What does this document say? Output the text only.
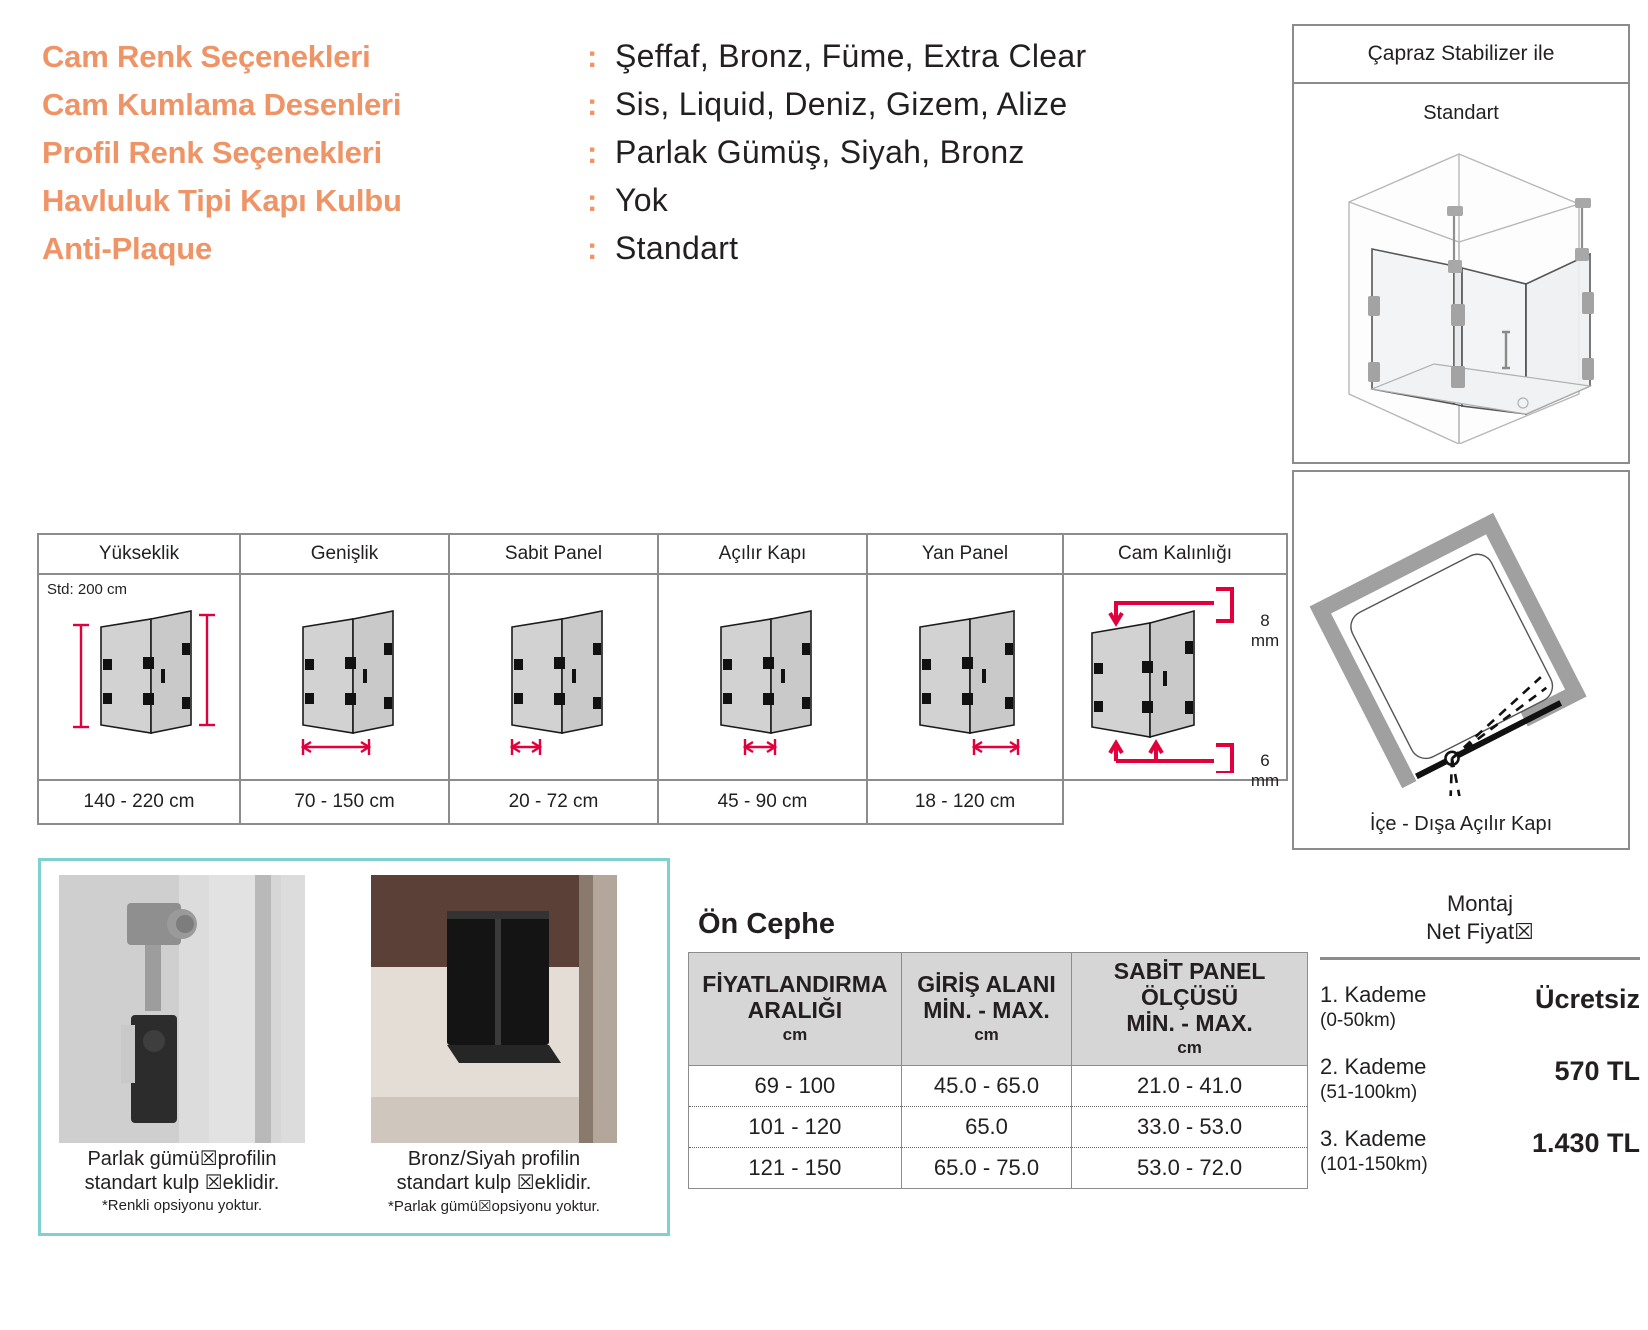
Cam Renk Seçenekleri	: Şeffaf, Bronz, Füme, Extra Clear
Cam Kumlama Desenleri	: Sis, Liquid, Deniz, Gizem, Alize
Profil Renk Seçenekleri	: Parlak Gümüş, Siyah, Bronz
Havluluk Tipi Kapı Kulbu	: Yok
Anti-Plaque	: Standart
Çapraz Stabilizer ile
Standart
İçe - Dışa Açılır Kapı
Yükseklik	Genişlik	Sabit Panel	Açılır Kapı	Yan Panel	Cam Kalınlığı

Std: 200 cm					8 mm
6 mm

140 - 220 cm	70 - 150 cm	20 - 72 cm	45 - 90 cm	18 - 120 cm	
Parlak gümü☒profilin
standart kulp ☒eklidir.
*Renkli opsiyonu yoktur.
Bronz/Siyah profilin
standart kulp ☒eklidir.
*Parlak gümü☒opsiyonu yoktur.
Ön Cephe
FİYATLANDIRMA
ARALIĞI
cm	GİRİŞ ALANI
MİN. - MAX.
cm	SABİT PANEL ÖLÇÜSÜ
MİN. - MAX.
cm

69 - 100	45.0 - 65.0	21.0 - 41.0
101 - 120	65.0	33.0 - 53.0
121 - 150	65.0 - 75.0	53.0 - 72.0
Montaj
Net Fiyat☒
1. Kademe
(0-50km)
Ücretsiz
2. Kademe
(51-100km)
570 TL
3. Kademe
(101-150km)
1.430 TL
